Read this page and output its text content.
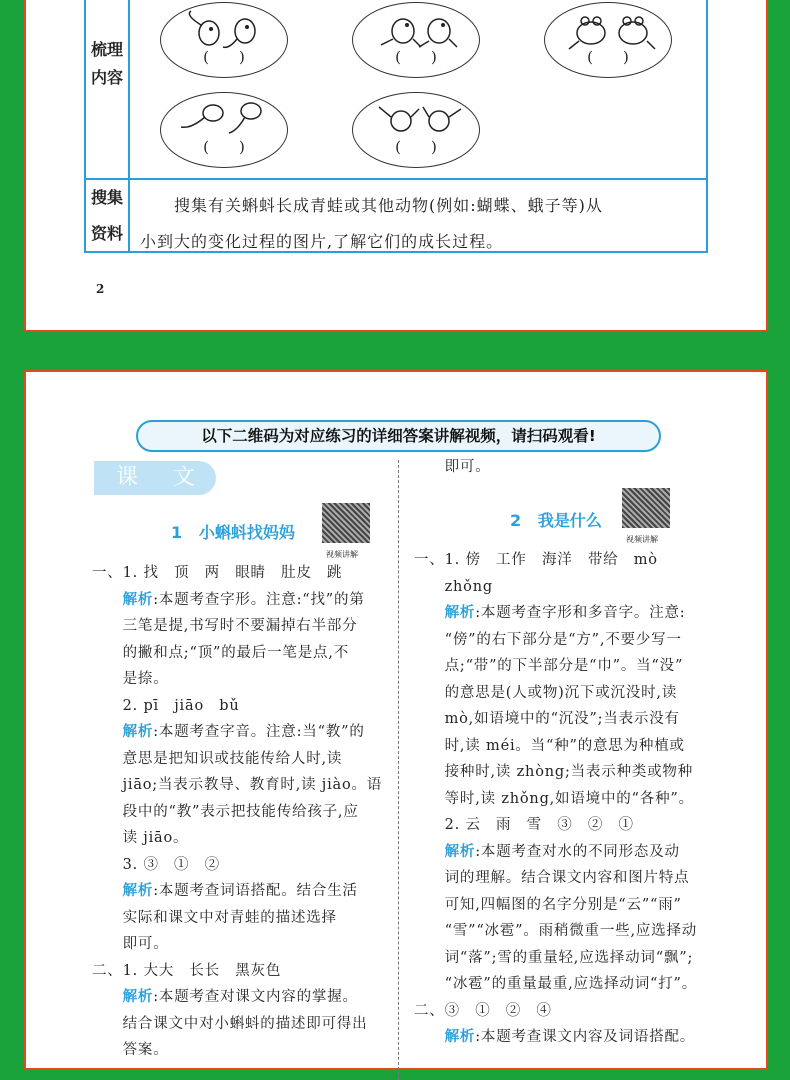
梳理
内容
(　　)	(　　)	(　　)
(　　)	(　　)
搜集
资料
　　搜集有关蝌蚪长成青蛙或其他动物(例如:蝴蝶、蛾子等)从
小到大的变化过程的图片,了解它们的成长过程。
2
以下二维码为对应练习的详细答案讲解视频，请扫码观看!
课 文
1 小蝌蚪找妈妈
视频讲解
一、1. 找　顶　两　眼睛　肚皮　跳
　　解析:本题考查字形。注意:“找”的第
　　三笔是提,书写时不要漏掉右半部分
　　的撇和点;“顶”的最后一笔是点,不
　　是捺。
　　2. pī　jiāo　bǔ
　　解析:本题考查字音。注意:当“教”的
　　意思是把知识或技能传给人时,读
　　jiāo;当表示教导、教育时,读 jiào。语
　　段中的“教”表示把技能传给孩子,应
　　读 jiāo。
　　3. ③　①　②
　　解析:本题考查词语搭配。结合生活
　　实际和课文中对青蛙的描述选择
　　即可。
二、1. 大大　长长　黑灰色
　　解析:本题考查对课文内容的掌握。
　　结合课文中对小蝌蚪的描述即可得出
　　答案。
　　即可。
2 我是什么
视频讲解
一、1. 傍　工作　海洋　带给　mò
　　zhǒng
　　解析:本题考查字形和多音字。注意:
　　“傍”的右下部分是“方”,不要少写一
　　点;“带”的下半部分是“巾”。当“没”
　　的意思是(人或物)沉下或沉没时,读
　　mò,如语境中的“沉没”;当表示没有
　　时,读 méi。当“种”的意思为种植或
　　接种时,读 zhòng;当表示种类或物种
　　等时,读 zhǒng,如语境中的“各种”。
　　2. 云　雨　雪　③　②　①
　　解析:本题考查对水的不同形态及动
　　词的理解。结合课文内容和图片特点
　　可知,四幅图的名字分别是“云”“雨”
　　“雪”“冰雹”。雨稍微重一些,应选择动
　　词“落”;雪的重量轻,应选择动词“飘”;
　　“冰雹”的重量最重,应选择动词“打”。
二、③　①　②　④
　　解析:本题考查课文内容及词语搭配。
